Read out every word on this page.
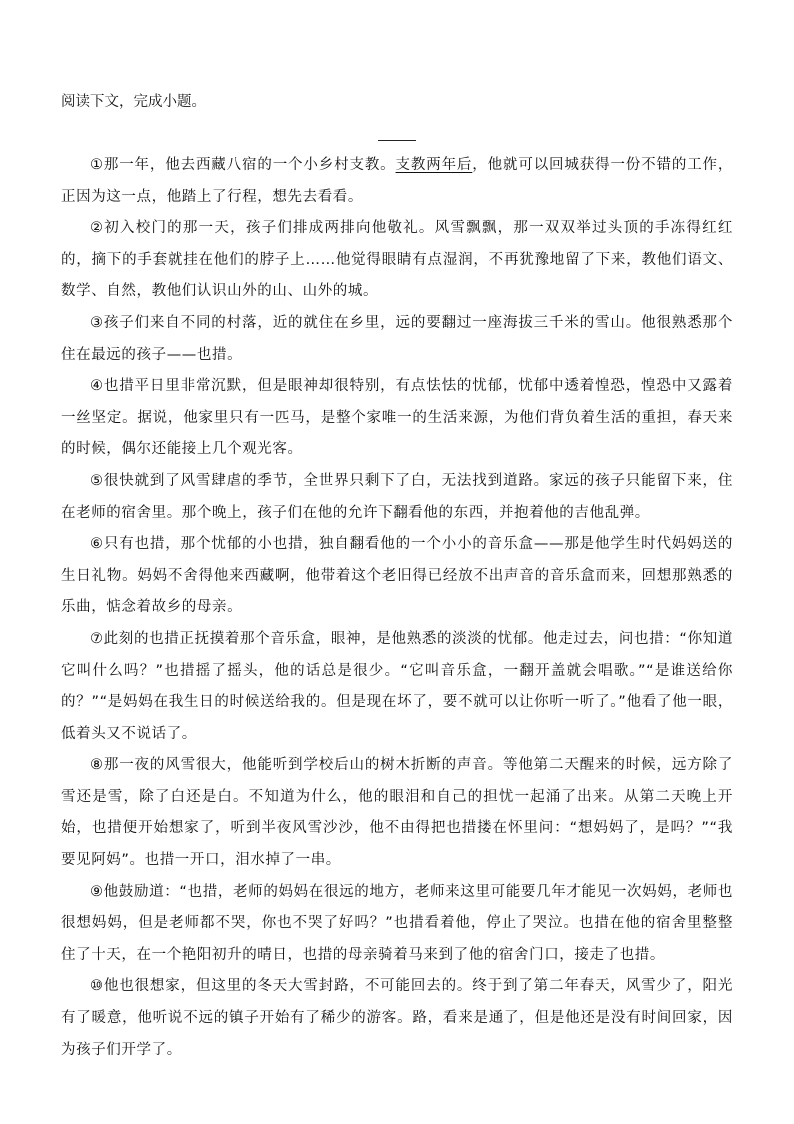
阅读下文，完成小题。

①那一年，他去西藏八宿的一个小乡村支教。支教两年后，他就可以回城获得一份不错的工作，正因为这一点，他踏上了行程，想先去看看。

②初入校门的那一天，孩子们排成两排向他敬礼。风雪飘飘，那一双双举过头顶的手冻得红红的，摘下的手套就挂在他们的脖子上……他觉得眼睛有点湿润，不再犹豫地留了下来，教他们语文、数学、自然，教他们认识山外的山、山外的城。

③孩子们来自不同的村落，近的就住在乡里，远的要翻过一座海拔三千米的雪山。他很熟悉那个住在最远的孩子——也措。

④也措平日里非常沉默，但是眼神却很特别，有点怯怯的忧郁，忧郁中透着惶恐，惶恐中又露着一丝坚定。据说，他家里只有一匹马，是整个家唯一的生活来源，为他们背负着生活的重担，春天来的时候，偶尔还能接上几个观光客。

⑤很快就到了风雪肆虐的季节，全世界只剩下了白，无法找到道路。家远的孩子只能留下来，住在老师的宿舍里。那个晚上，孩子们在他的允许下翻看他的东西，并抱着他的吉他乱弹。

⑥只有也措，那个忧郁的小也措，独自翻看他的一个小小的音乐盒——那是他学生时代妈妈送的生日礼物。妈妈不舍得他来西藏啊，他带着这个老旧得已经放不出声音的音乐盒而来，回想那熟悉的乐曲，惦念着故乡的母亲。

⑦此刻的也措正抚摸着那个音乐盒，眼神，是他熟悉的淡淡的忧郁。他走过去，问也措：“你知道它叫什么吗？”也措摇了摇头，他的话总是很少。“它叫音乐盒，一翻开盖就会唱歌。”“是谁送给你的？”“是妈妈在我生日的时候送给我的。但是现在坏了，要不就可以让你听一听了。”他看了他一眼，低着头又不说话了。

⑧那一夜的风雪很大，他能听到学校后山的树木折断的声音。等他第二天醒来的时候，远方除了雪还是雪，除了白还是白。不知道为什么，他的眼泪和自己的担忧一起涌了出来。从第二天晚上开始，也措便开始想家了，听到半夜风雪沙沙，他不由得把也措搂在怀里问：“想妈妈了，是吗？”“我要见阿妈”。也措一开口，泪水掉了一串。

⑨他鼓励道：“也措，老师的妈妈在很远的地方，老师来这里可能要几年才能见一次妈妈，老师也很想妈妈，但是老师都不哭，你也不哭了好吗？”也措看着他，停止了哭泣。也措在他的宿舍里整整住了十天，在一个艳阳初升的晴日，也措的母亲骑着马来到了他的宿舍门口，接走了也措。

⑩他也很想家，但这里的冬天大雪封路，不可能回去的。终于到了第二年春天，风雪少了，阳光有了暖意，他听说不远的镇子开始有了稀少的游客。路，看来是通了，但是他还是没有时间回家，因为孩子们开学了。
